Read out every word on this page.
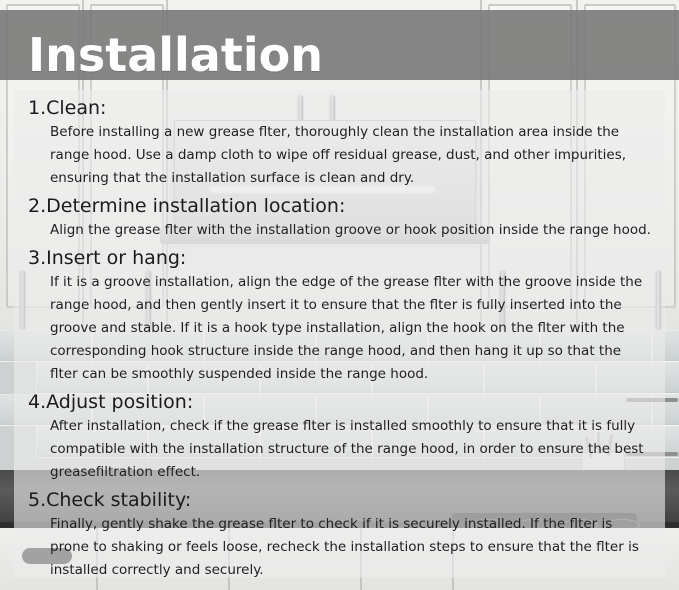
Installation
1.Clean:
Before installing a new grease flter, thoroughly clean the installation area inside the range hood. Use a damp cloth to wipe off residual grease, dust, and other impurities, ensuring that the installation surface is clean and dry.
2.Determine installation location:
Align the grease flter with the installation groove or hook position inside the range hood.
3.Insert or hang:
If it is a groove installation, align the edge of the grease flter with the groove inside the range hood, and then gently insert it to ensure that the flter is fully inserted into the groove and stable. If it is a hook type installation, align the hook on the flter with the corresponding hook structure inside the range hood, and then hang it up so that the flter can be smoothly suspended inside the range hood.
4.Adjust position:
After installation, check if the grease flter is installed smoothly to ensure that it is fully compatible with the installation structure of the range hood, in order to ensure the best greasefiltration effect.
5.Check stability:
Finally, gently shake the grease flter to check if it is securely installed. If the flter is prone to shaking or feels loose, recheck the installation steps to ensure that the flter is installed correctly and securely.
